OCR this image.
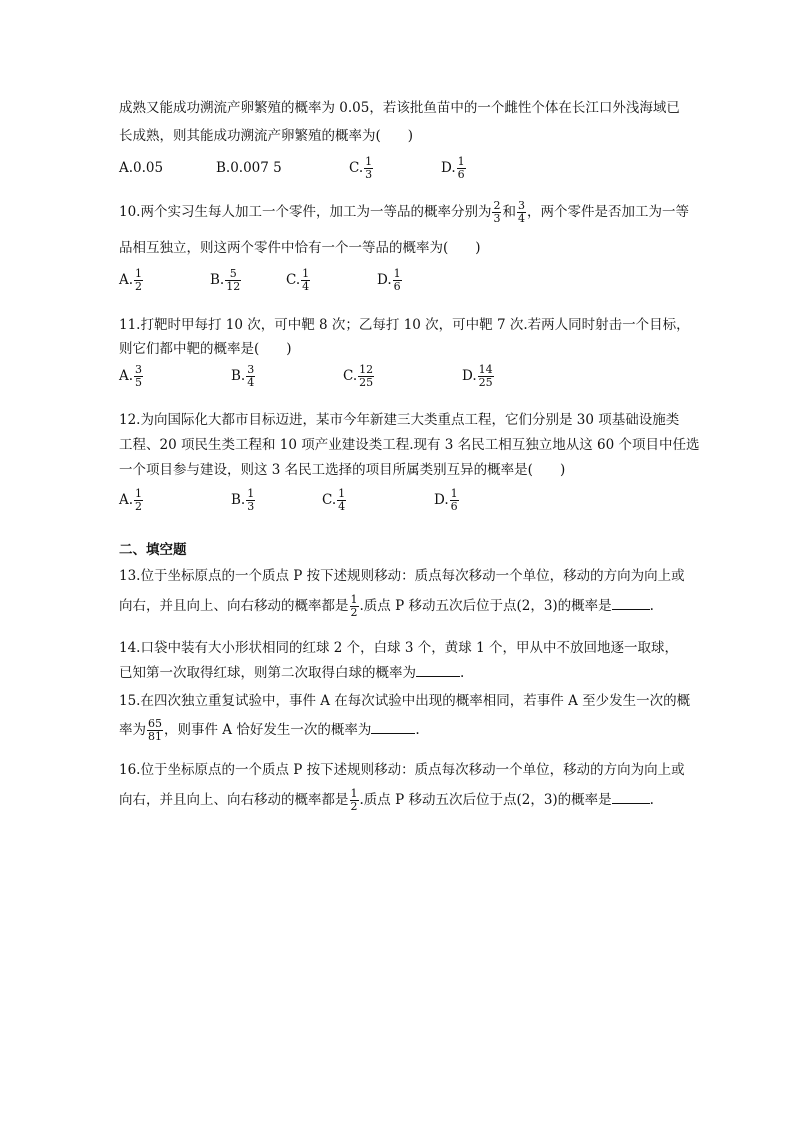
成熟又能成功溯流产卵繁殖的概率为 0.05，若该批鱼苗中的一个雌性个体在长江口外浅海域已
长成熟，则其能成功溯流产卵繁殖的概率为(　　)
A.0.05	B.0.007 5	C. $\frac{1}{3}$	D. $\frac{1}{6}$
10.两个实习生每人加工一个零件，加工为一等品的概率分别为 $\frac{2}{3}$ 和 $\frac{3}{4}$ ，两个零件是否加工为一等
品相互独立，则这两个零件中恰有一个一等品的概率为(　　)
A. $\frac{1}{2}$	B. $\frac{5}{12}$	C. $\frac{1}{4}$	D. $\frac{1}{6}$
11.打靶时甲每打 10 次，可中靶 8 次；乙每打 10 次，可中靶 7 次.若两人同时射击一个目标，
则它们都中靶的概率是(　　)
A. $\frac{3}{5}$	B. $\frac{3}{4}$	C. $\frac{12}{25}$	D. $\frac{14}{25}$
12.为向国际化大都市目标迈进，某市今年新建三大类重点工程，它们分别是 30 项基础设施类
工程、20 项民生类工程和 10 项产业建设类工程.现有 3 名民工相互独立地从这 60 个项目中任选
一个项目参与建设，则这 3 名民工选择的项目所属类别互异的概率是(　　)
A. $\frac{1}{2}$	B. $\frac{1}{3}$	C. $\frac{1}{4}$	D. $\frac{1}{6}$
二、填空题
13.位于坐标原点的一个质点 P 按下述规则移动：质点每次移动一个单位，移动的方向为向上或
向右，并且向上、向右移动的概率都是 $\frac{1}{2}$ .质点 P 移动五次后位于点(2，3)的概率是	.
14.口袋中装有大小形状相同的红球 2 个，白球 3 个，黄球 1 个，甲从中不放回地逐一取球，
已知第一次取得红球，则第二次取得白球的概率为	.
15.在四次独立重复试验中，事件 A 在每次试验中出现的概率相同，若事件 A 至少发生一次的概
率为 $\frac{65}{81}$ ，则事件 A 恰好发生一次的概率为	.
16.位于坐标原点的一个质点 P 按下述规则移动：质点每次移动一个单位，移动的方向为向上或
向右，并且向上、向右移动的概率都是 $\frac{1}{2}$ .质点 P 移动五次后位于点(2，3)的概率是	.
